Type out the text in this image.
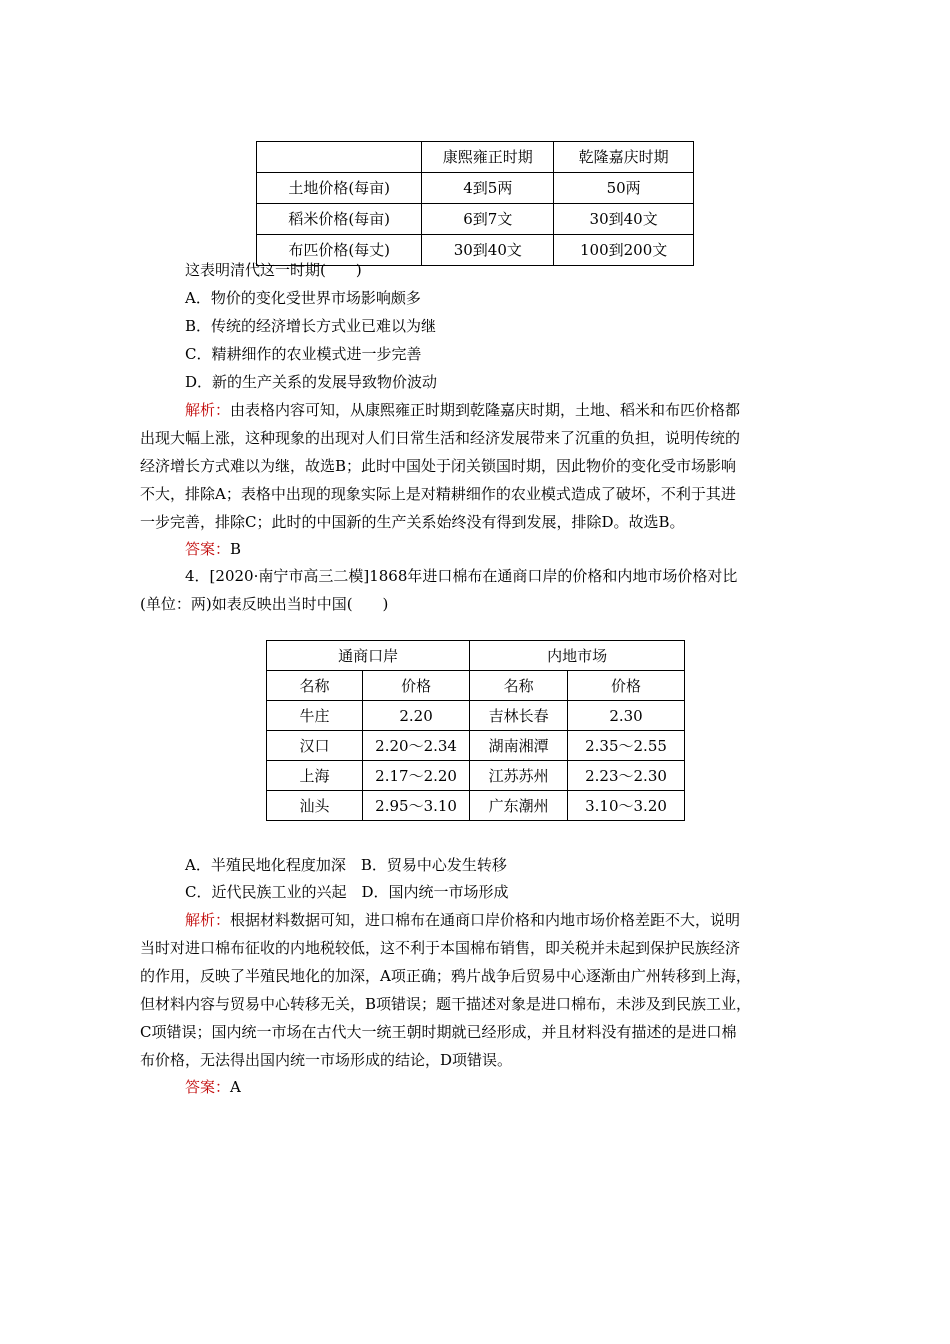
	康熙雍正时期	乾隆嘉庆时期
土地价格(每亩)	4到5两	50两
稻米价格(每亩)	6到7文	30到40文
布匹价格(每丈)	30到40文	100到200文
这表明清代这一时期(　　)
A．物价的变化受世界市场影响颇多
B．传统的经济增长方式业已难以为继
C．精耕细作的农业模式进一步完善
D．新的生产关系的发展导致物价波动
解析：由表格内容可知，从康熙雍正时期到乾隆嘉庆时期，土地、稻米和布匹价格都
出现大幅上涨，这种现象的出现对人们日常生活和经济发展带来了沉重的负担，说明传统的
经济增长方式难以为继，故选B；此时中国处于闭关锁国时期，因此物价的变化受市场影响
不大，排除A；表格中出现的现象实际上是对精耕细作的农业模式造成了破坏，不利于其进
一步完善，排除C；此时的中国新的生产关系始终没有得到发展，排除D。故选B。
答案：B
4．[2020·南宁市高三二模]1868年进口棉布在通商口岸的价格和内地市场价格对比
(单位：两)如表反映出当时中国(　　)
通商口岸		内地市场	
名称	价格	名称	价格
牛庄	2.20	吉林长春	2.30
汉口	2.20～2.34	湖南湘潭	2.35～2.55
上海	2.17～2.20	江苏苏州	2.23～2.30
汕头	2.95～3.10	广东潮州	3.10～3.20
A．半殖民地化程度加深　B．贸易中心发生转移
C．近代民族工业的兴起　D．国内统一市场形成
解析：根据材料数据可知，进口棉布在通商口岸价格和内地市场价格差距不大，说明
当时对进口棉布征收的内地税较低，这不利于本国棉布销售，即关税并未起到保护民族经济
的作用，反映了半殖民地化的加深，A项正确；鸦片战争后贸易中心逐渐由广州转移到上海，
但材料内容与贸易中心转移无关，B项错误；题干描述对象是进口棉布，未涉及到民族工业，
C项错误；国内统一市场在古代大一统王朝时期就已经形成，并且材料没有描述的是进口棉
布价格，无法得出国内统一市场形成的结论，D项错误。
答案：A
